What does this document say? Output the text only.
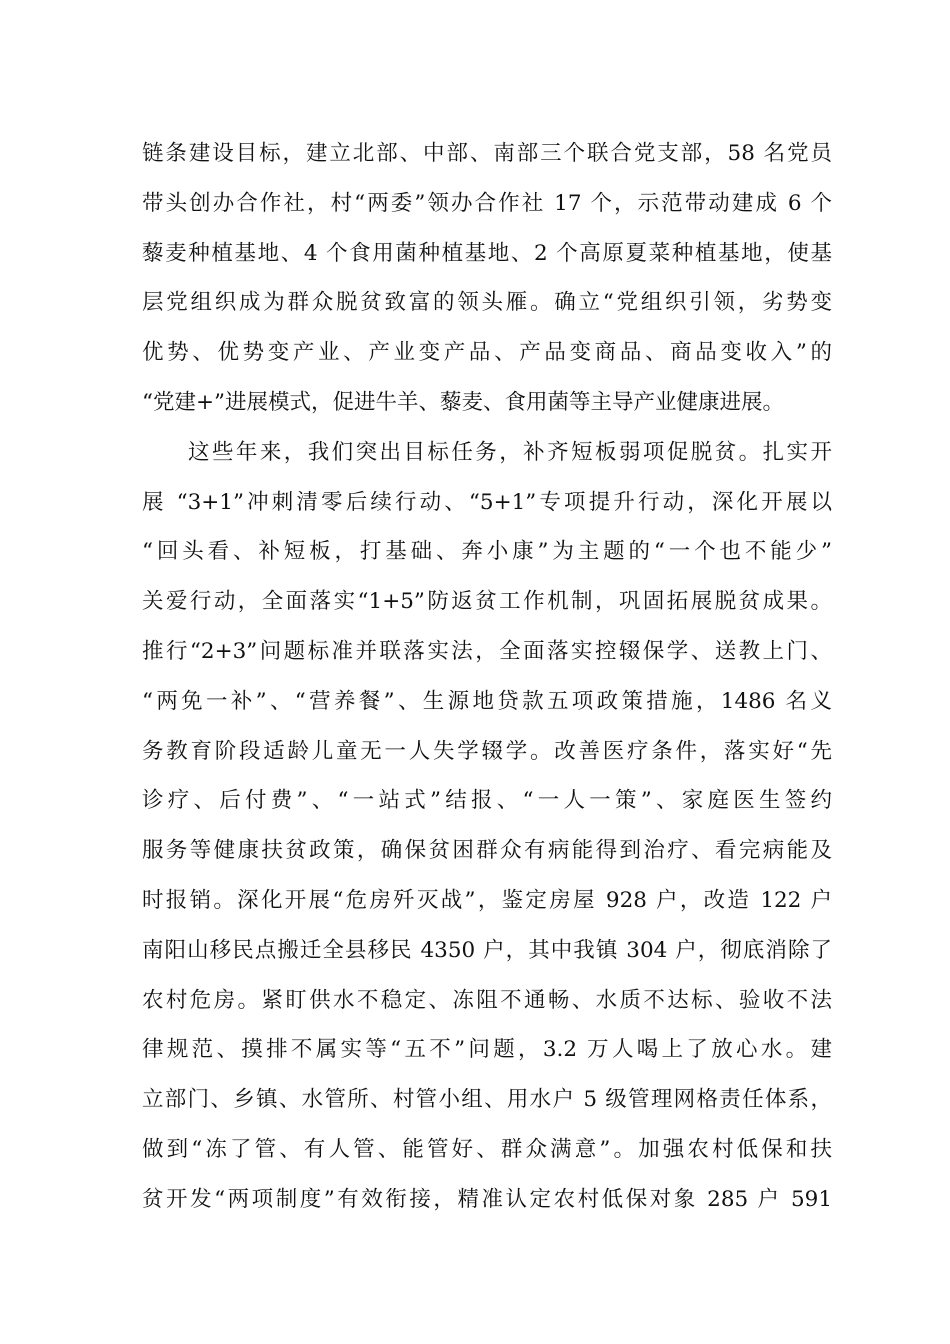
链条建设目标，建立北部、中部、南部三个联合党支部，58 名党员
带头创办合作社，村“两委”领办合作社 17 个，示范带动建成 6 个
藜麦种植基地、4 个食用菌种植基地、2 个高原夏菜种植基地，使基
层党组织成为群众脱贫致富的领头雁。确立“党组织引领，劣势变
优势、优势变产业、产业变产品、产品变商品、商品变收入”的
“党建+”进展模式，促进牛羊、藜麦、食用菌等主导产业健康进展。
这些年来，我们突出目标任务，补齐短板弱项促脱贫。扎实开
展 “3+1”冲刺清零后续行动、“5+1”专项提升行动，深化开展以
“回头看、补短板，打基础、奔小康”为主题的“一个也不能少”
关爱行动，全面落实“1+5”防返贫工作机制，巩固拓展脱贫成果。
推行“2+3”问题标准并联落实法，全面落实控辍保学、送教上门、
“两免一补”、“营养餐”、生源地贷款五项政策措施，1486 名义
务教育阶段适龄儿童无一人失学辍学。改善医疗条件，落实好“先
诊疗、后付费”、“一站式”结报、“一人一策”、家庭医生签约
服务等健康扶贫政策，确保贫困群众有病能得到治疗、看完病能及
时报销。深化开展“危房歼灭战”，鉴定房屋 928 户，改造 122 户
南阳山移民点搬迁全县移民 4350 户，其中我镇 304 户，彻底消除了
农村危房。紧盯供水不稳定、冻阻不通畅、水质不达标、验收不法
律规范、摸排不属实等“五不”问题，3.2 万人喝上了放心水。建
立部门、乡镇、水管所、村管小组、用水户 5 级管理网格责任体系，
做到“冻了管、有人管、能管好、群众满意”。加强农村低保和扶
贫开发“两项制度”有效衔接，精准认定农村低保对象 285 户 591
